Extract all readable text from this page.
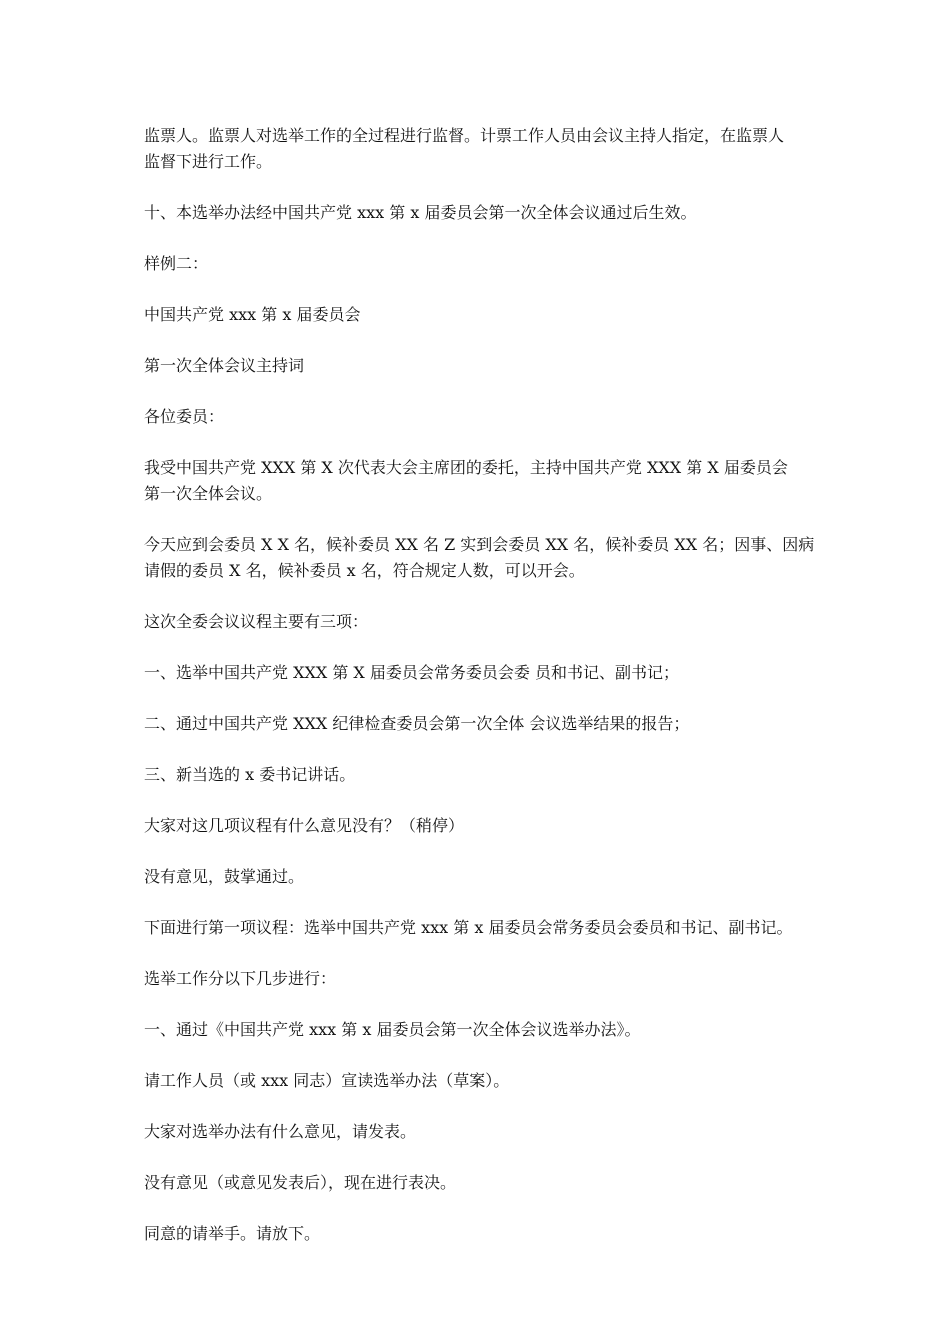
监票人。监票人对选举工作的全过程进行监督。计票工作人员由会议主持人指定，在监票人
监督下进行工作。

十、本选举办法经中国共产党 xxx 第 x 届委员会第一次全体会议通过后生效。

样例二：

中国共产党 xxx 第 x 届委员会

第一次全体会议主持词

各位委员：

我受中国共产党 XXX 第 X 次代表大会主席团的委托，主持中国共产党 XXX 第 X 届委员会
第一次全体会议。

今天应到会委员 X X 名，候补委员 XX 名 Z 实到会委员 XX 名，候补委员 XX 名；因事、因病
请假的委员 X 名，候补委员 x 名，符合规定人数，可以开会。

这次全委会议议程主要有三项：

一、选举中国共产党 XXX 第 X 届委员会常务委员会委 员和书记、副书记；

二、通过中国共产党 XXX 纪律检查委员会第一次全体 会议选举结果的报告；

三、新当选的 x 委书记讲话。

大家对这几项议程有什么意见没有？（稍停）

没有意见，鼓掌通过。

下面进行第一项议程：选举中国共产党 xxx 第 x 届委员会常务委员会委员和书记、副书记。

选举工作分以下几步进行：

一、通过《中国共产党 xxx 第 x 届委员会第一次全体会议选举办法》。

请工作人员（或 xxx 同志）宣读选举办法（草案）。

大家对选举办法有什么意见，请发表。

没有意见（或意见发表后），现在进行表决。

同意的请举手。请放下。
